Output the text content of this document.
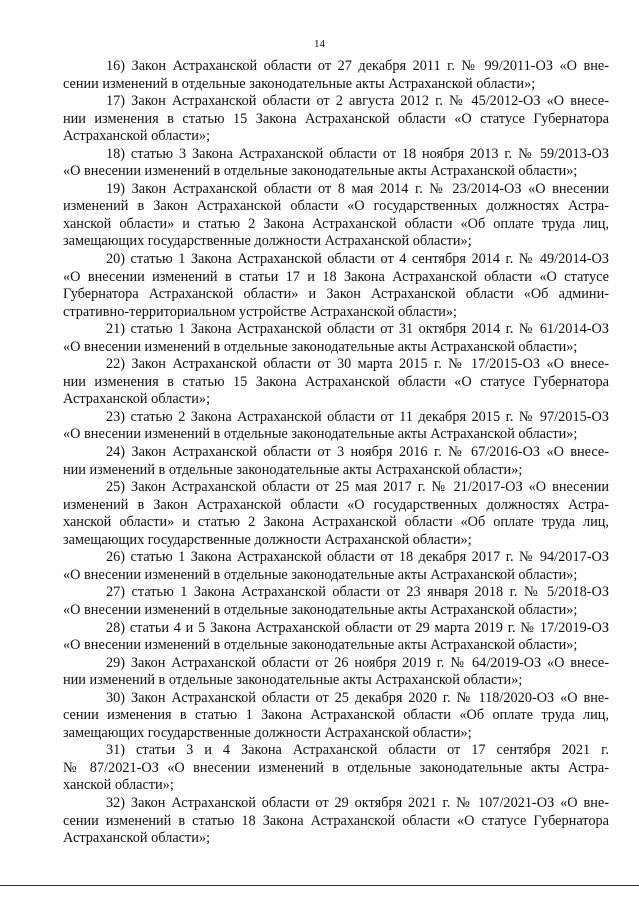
14
16) Закон Астраханской области от 27 декабря 2011 г. № 99/2011-ОЗ «О вне-
сении изменений в отдельные законодательные акты Астраханской области»;
17) Закон Астраханской области от 2 августа 2012 г. № 45/2012-ОЗ «О внесе-
нии изменения в статью 15 Закона Астраханской области «О статусе Губернатора
Астраханской области»;
18) статью 3 Закона Астраханской области от 18 ноября 2013 г. № 59/2013-ОЗ
«О внесении изменений в отдельные законодательные акты Астраханской области»;
19) Закон Астраханской области от 8 мая 2014 г. № 23/2014-ОЗ «О внесении
изменений в Закон Астраханской области «О государственных должностях Астра-
ханской области» и статью 2 Закона Астраханской области «Об оплате труда лиц,
замещающих государственные должности Астраханской области»;
20) статью 1 Закона Астраханской области от 4 сентября 2014 г. № 49/2014-ОЗ
«О внесении изменений в статьи 17 и 18 Закона Астраханской области «О статусе
Губернатора Астраханской области» и Закон Астраханской области «Об админи-
стративно-территориальном устройстве Астраханской области»;
21) статью 1 Закона Астраханской области от 31 октября 2014 г. № 61/2014-ОЗ
«О внесении изменений в отдельные законодательные акты Астраханской области»;
22) Закон Астраханской области от 30 марта 2015 г. № 17/2015-ОЗ «О внесе-
нии изменения в статью 15 Закона Астраханской области «О статусе Губернатора
Астраханской области»;
23) статью 2 Закона Астраханской области от 11 декабря 2015 г. № 97/2015-ОЗ
«О внесении изменений в отдельные законодательные акты Астраханской области»;
24) Закон Астраханской области от 3 ноября 2016 г. № 67/2016-ОЗ «О внесе-
нии изменений в отдельные законодательные акты Астраханской области»;
25) Закон Астраханской области от 25 мая 2017 г. № 21/2017-ОЗ «О внесении
изменений в Закон Астраханской области «О государственных должностях Астра-
ханской области» и статью 2 Закона Астраханской области «Об оплате труда лиц,
замещающих государственные должности Астраханской области»;
26) статью 1 Закона Астраханской области от 18 декабря 2017 г. № 94/2017-ОЗ
«О внесении изменений в отдельные законодательные акты Астраханской области»;
27) статью 1 Закона Астраханской области от 23 января 2018 г. № 5/2018-ОЗ
«О внесении изменений в отдельные законодательные акты Астраханской области»;
28) статьи 4 и 5 Закона Астраханской области от 29 марта 2019 г. № 17/2019-ОЗ
«О внесении изменений в отдельные законодательные акты Астраханской области»;
29) Закон Астраханской области от 26 ноября 2019 г. № 64/2019-ОЗ «О внесе-
нии изменений в отдельные законодательные акты Астраханской области»;
30) Закон Астраханской области от 25 декабря 2020 г. № 118/2020-ОЗ «О вне-
сении изменения в статью 1 Закона Астраханской области «Об оплате труда лиц,
замещающих государственные должности Астраханской области»;
31) статьи 3 и 4 Закона Астраханской области от 17 сентября 2021 г.
№ 87/2021-ОЗ «О внесении изменений в отдельные законодательные акты Астра-
ханской области»;
32) Закон Астраханской области от 29 октября 2021 г. № 107/2021-ОЗ «О вне-
сении изменений в статью 18 Закона Астраханской области «О статусе Губернатора
Астраханской области»;
